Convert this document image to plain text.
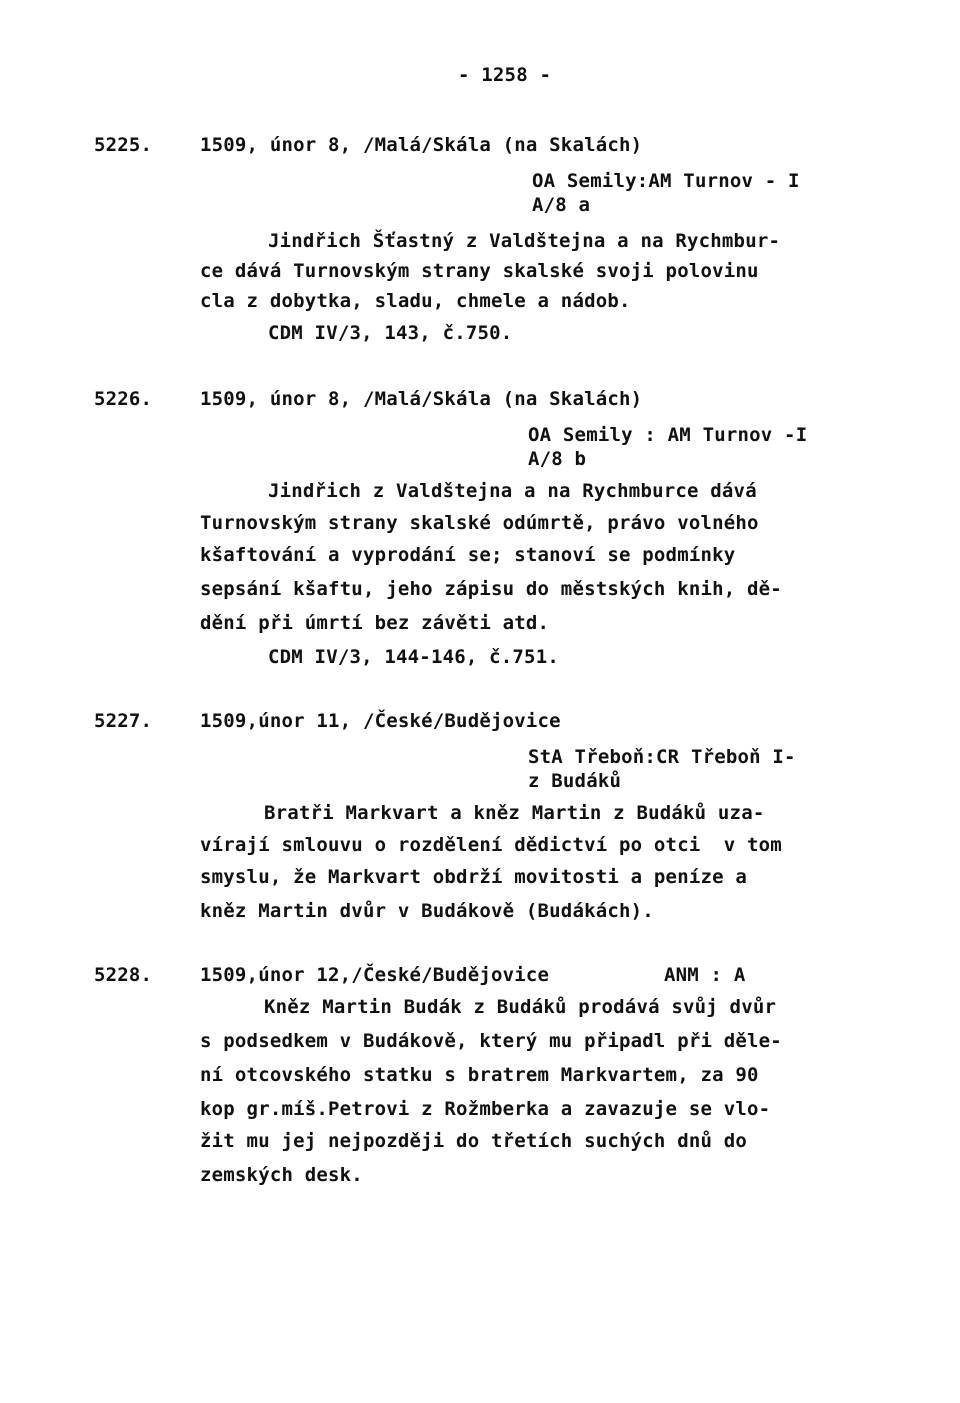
- 1258 -
5225.	1509, únor 8, /Malá/Skála (na Skalách)
OA Semily:AM Turnov - I
A/8 a
Jindřich Šťastný z Valdštejna a na Rychmbur-
ce dává Turnovským strany skalské svoji polovinu
cla z dobytka, sladu, chmele a nádob.
CDM IV/3, 143, č.750.
5226.	1509, únor 8, /Malá/Skála (na Skalách)
OA Semily : AM Turnov -I
A/8 b
Jindřich z Valdštejna a na Rychmburce dává
Turnovským strany skalské odúmrtě, právo volného
kšaftování a vyprodání se; stanoví se podmínky
sepsání kšaftu, jeho zápisu do městských knih, dě-
dění při úmrtí bez závěti atd.
CDM IV/3, 144-146, č.751.
5227.	1509,únor 11, /České/Budějovice
StA Třeboň:CR Třeboň I-
z Budáků
Bratři Markvart a kněz Martin z Budáků uza-
vírají smlouvu o rozdělení dědictví po otci  v tom
smyslu, že Markvart obdrží movitosti a peníze a
kněz Martin dvůr v Budákově (Budákách).
5228.	1509,únor 12,/České/Budějovice	ANM : A
Kněz Martin Budák z Budáků prodává svůj dvůr
s podsedkem v Budákově, který mu připadl při děle-
ní otcovského statku s bratrem Markvartem, za 90
kop gr.míš.Petrovi z Rožmberka a zavazuje se vlo-
žit mu jej nejpozději do třetích suchých dnů do
zemských desk.
